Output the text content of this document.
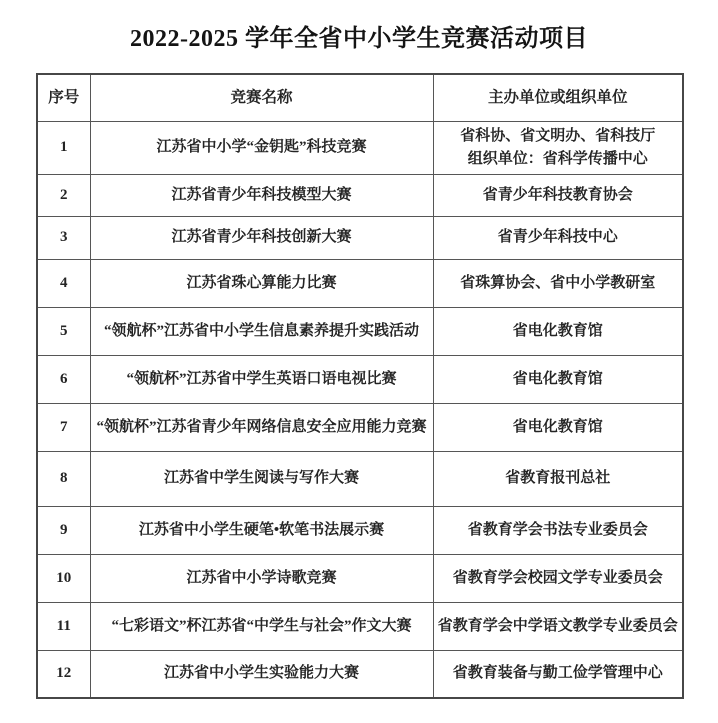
2022-2025 学年全省中小学生竞赛活动项目
序号	竞赛名称	主办单位或组织单位
1	江苏省中小学“金钥匙”科技竞赛	省科协、省文明办、省科技厅
组织单位：省科学传播中心

2	江苏省青少年科技模型大赛	省青少年科技教育协会
3	江苏省青少年科技创新大赛	省青少年科技中心
4	江苏省珠心算能力比赛	省珠算协会、省中小学教研室
5	“领航杯”江苏省中小学生信息素养提升实践活动	省电化教育馆
6	“领航杯”江苏省中学生英语口语电视比赛	省电化教育馆
7	“领航杯”江苏省青少年网络信息安全应用能力竞赛	省电化教育馆
8	江苏省中学生阅读与写作大赛	省教育报刊总社
9	江苏省中小学生硬笔•软笔书法展示赛	省教育学会书法专业委员会
10	江苏省中小学诗歌竞赛	省教育学会校园文学专业委员会
11	“七彩语文”杯江苏省“中学生与社会”作文大赛	省教育学会中学语文教学专业委员会
12	江苏省中小学生实验能力大赛	省教育装备与勤工俭学管理中心
